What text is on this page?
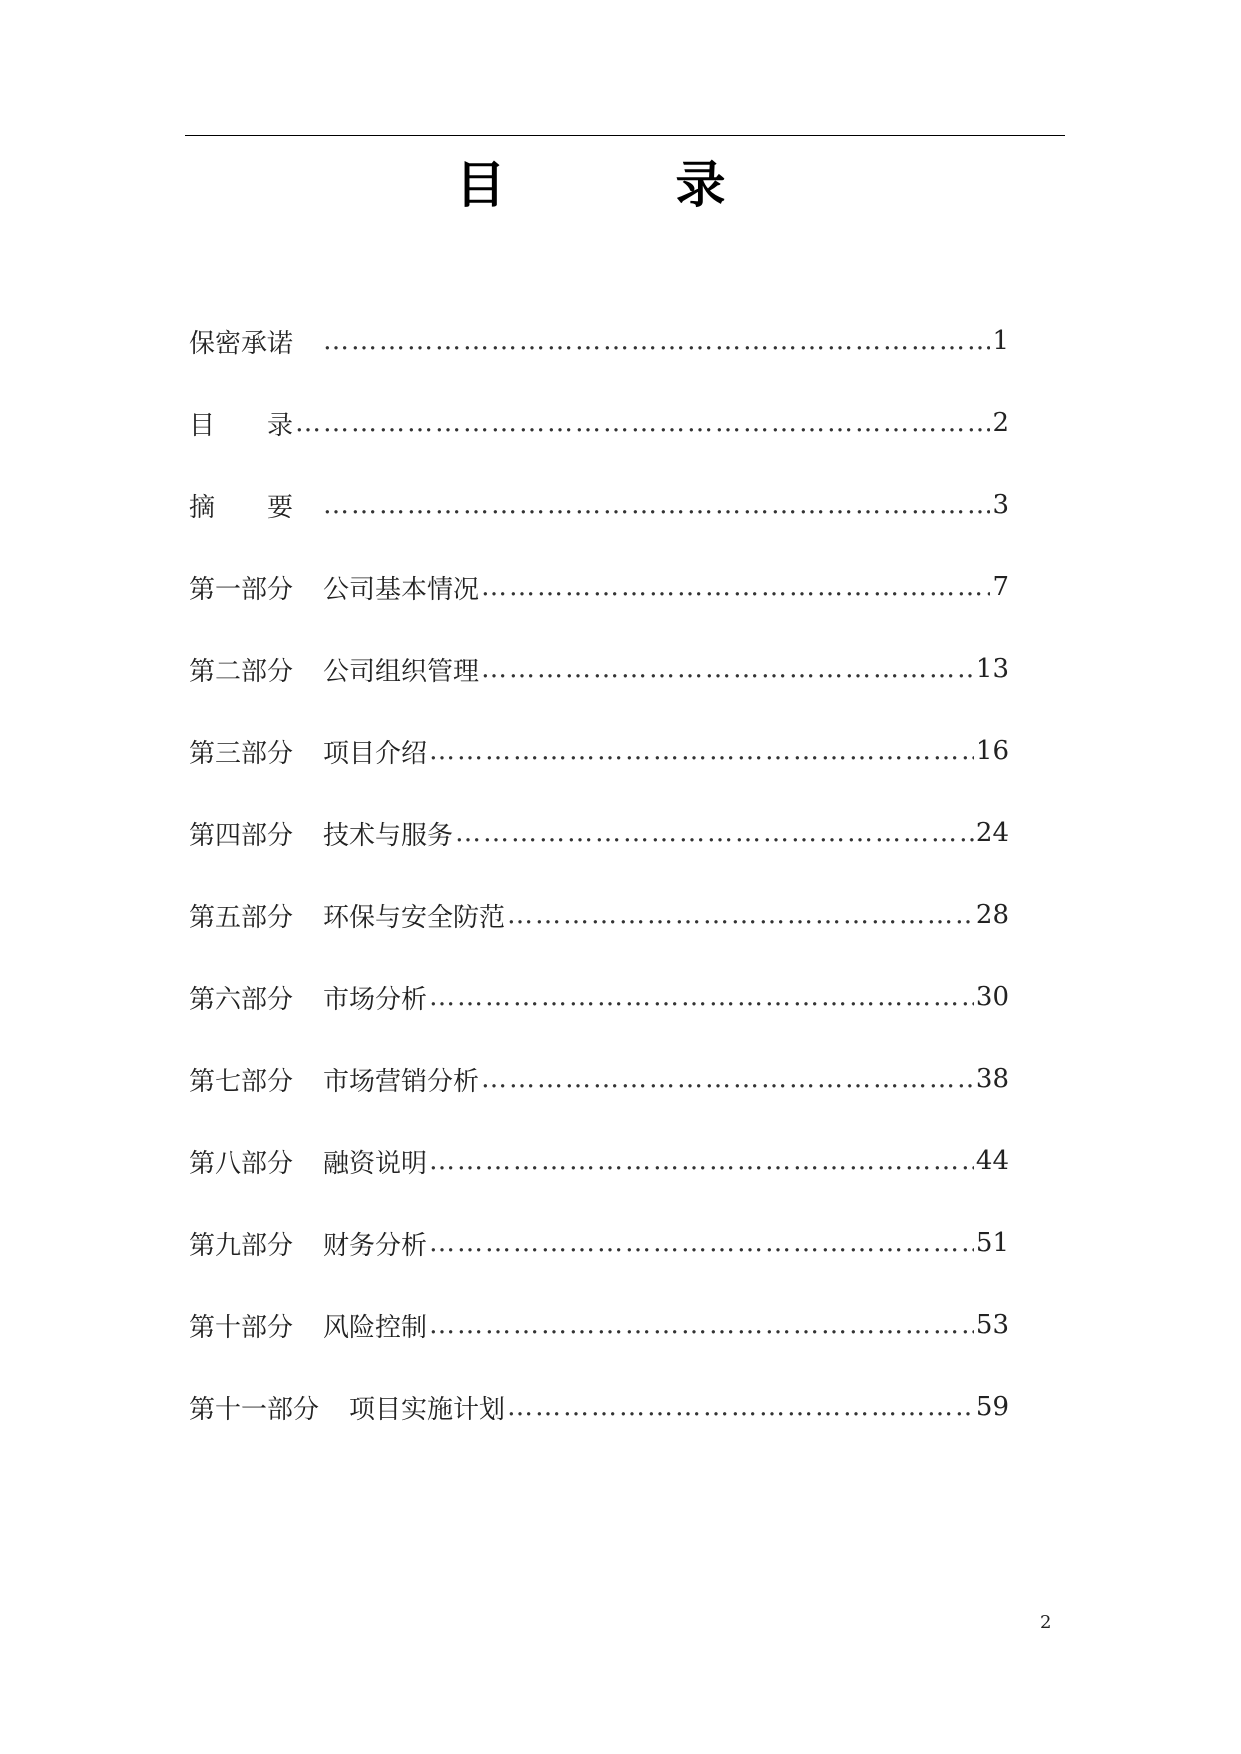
目　录
保密承诺 ……………………………………………………………………………………………………………………………………	1
目　　录 ……………………………………………………………………………………………………………………………………	2
摘　　要 ……………………………………………………………………………………………………………………………………	3
第一部分 公司基本情况 ……………………………………………………………………………………………………………………………………	7
第二部分 公司组织管理 ……………………………………………………………………………………………………………………………………	13
第三部分 项目介绍 ……………………………………………………………………………………………………………………………………	16
第四部分 技术与服务 ……………………………………………………………………………………………………………………………………	24
第五部分 环保与安全防范 ……………………………………………………………………………………………………………………………………	28
第六部分 市场分析 ……………………………………………………………………………………………………………………………………	30
第七部分 市场营销分析 ……………………………………………………………………………………………………………………………………	38
第八部分 融资说明 ……………………………………………………………………………………………………………………………………	44
第九部分 财务分析 ……………………………………………………………………………………………………………………………………	51
第十部分 风险控制 ……………………………………………………………………………………………………………………………………	53
第十一部分 项目实施计划 ……………………………………………………………………………………………………………………………………	59
2
